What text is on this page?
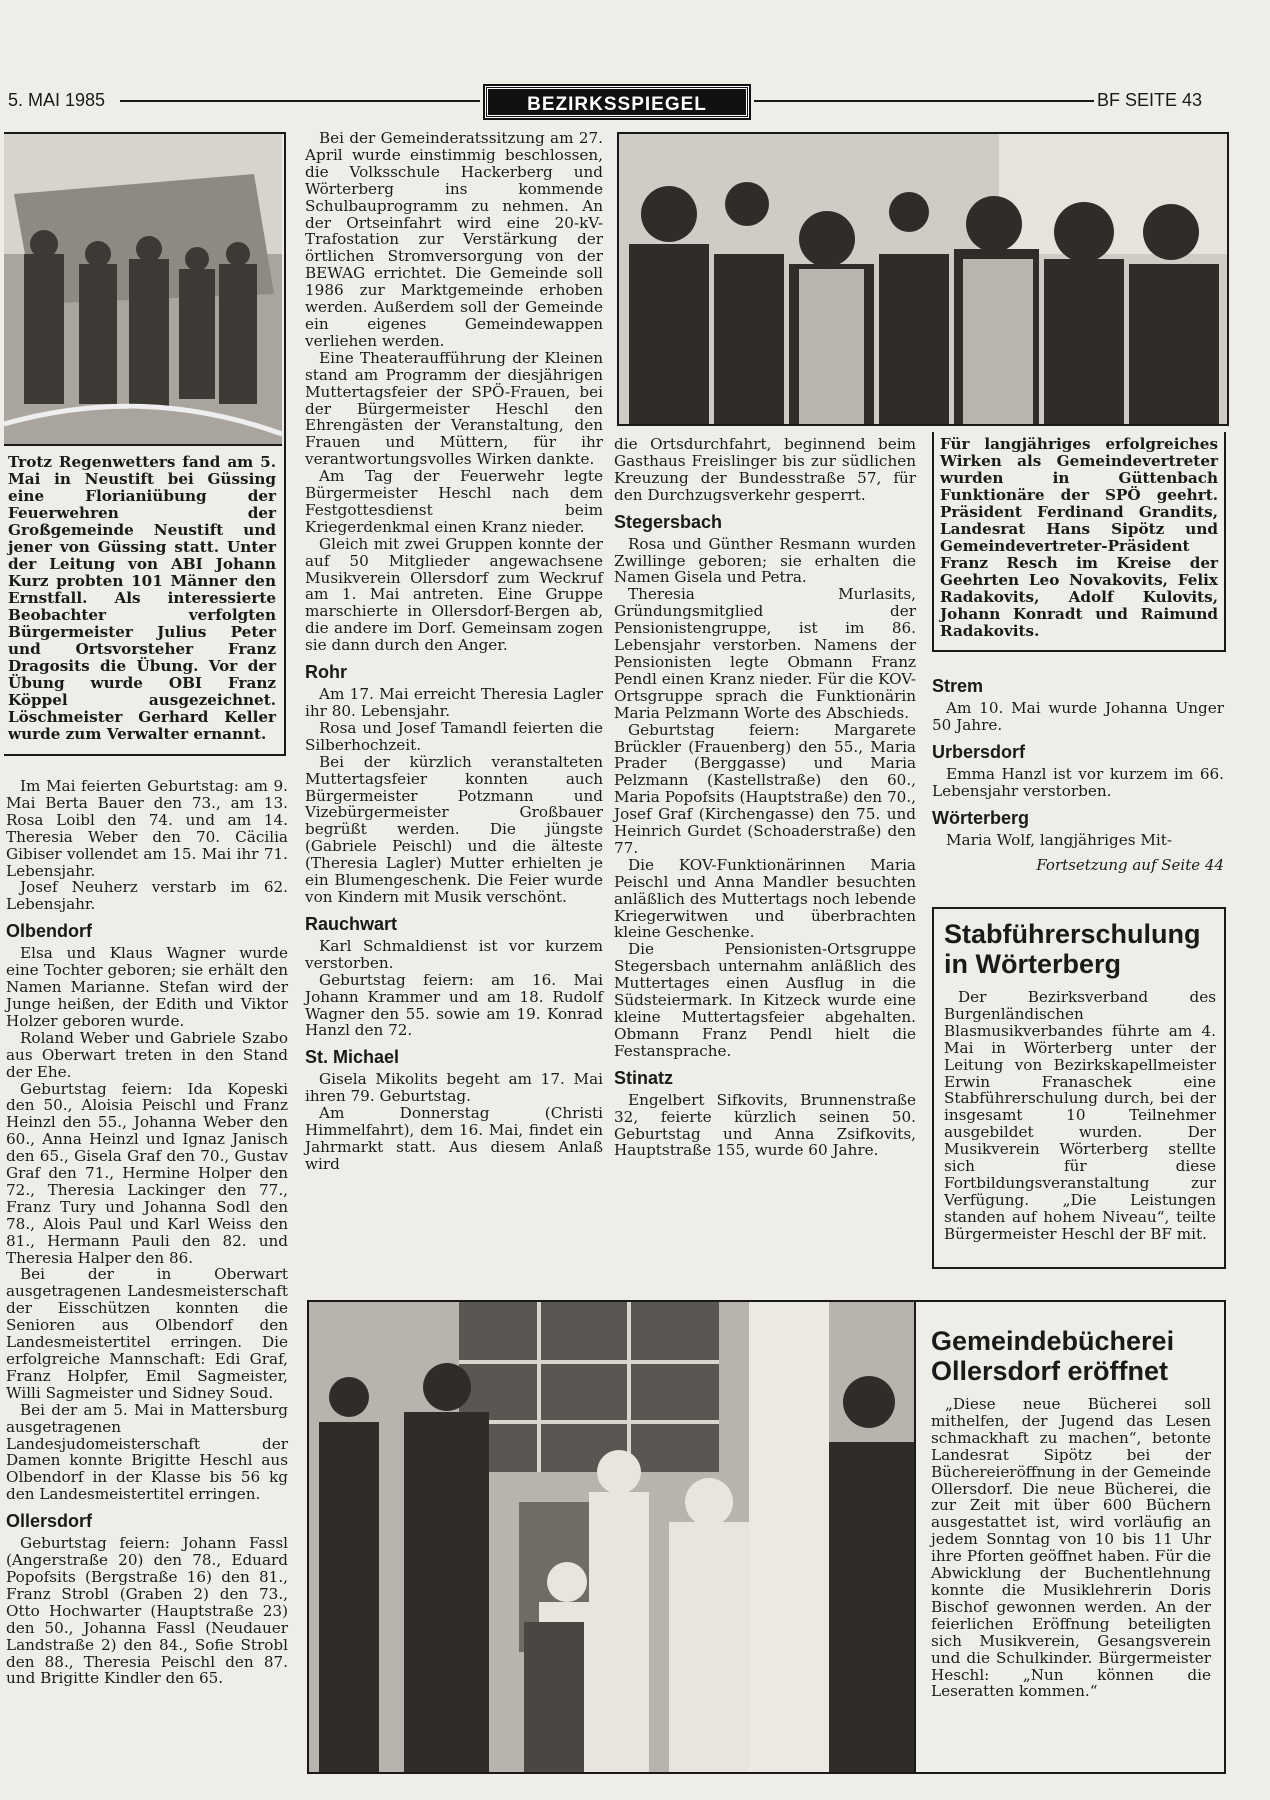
5. MAI 1985	BEZIRKSSPIEGEL	BF SEITE 43
Trotz Regenwetters fand am 5. Mai in Neustift bei Güssing eine Florianiübung der Feuerwehren der Großgemeinde Neustift und jener von Güssing statt. Unter der Leitung von ABI Johann Kurz probten 101 Männer den Ernstfall. Als interessierte Beobachter verfolgten Bürgermeister Julius Peter und Ortsvorsteher Franz Dragosits die Übung. Vor der Übung wurde OBI Franz Köppel ausgezeichnet. Löschmeister Gerhard Keller wurde zum Verwalter ernannt.

Im Mai feierten Geburtstag: am 9. Mai Berta Bauer den 73., am 13. Rosa Loibl den 74. und am 14. Theresia Weber den 70. Cäcilia Gibiser vollendet am 15. Mai ihr 71. Lebensjahr.

Josef Neuherz verstarb im 62. Lebensjahr.

Olbendorf

Elsa und Klaus Wagner wurde eine Tochter geboren; sie erhält den Namen Marianne. Stefan wird der Junge heißen, der Edith und Viktor Holzer geboren wurde.

Roland Weber und Gabriele Szabo aus Oberwart treten in den Stand der Ehe.

Geburtstag feiern: Ida Kopeski den 50., Aloisia Peischl und Franz Heinzl den 55., Johanna Weber den 60., Anna Heinzl und Ignaz Janisch den 65., Gisela Graf den 70., Gustav Graf den 71., Hermine Holper den 72., Theresia Lackinger den 77., Franz Tury und Johanna Sodl den 78., Alois Paul und Karl Weiss den 81., Hermann Pauli den 82. und Theresia Halper den 86.

Bei der in Oberwart ausgetragenen Landesmeisterschaft der Eisschützen konnten die Senioren aus Olbendorf den Landesmeistertitel erringen. Die erfolgreiche Mannschaft: Edi Graf, Franz Holpfer, Emil Sagmeister, Willi Sagmeister und Sidney Soud.

Bei der am 5. Mai in Mattersburg ausgetragenen Landesjudomeisterschaft der Damen konnte Brigitte Heschl aus Olbendorf in der Klasse bis 56 kg den Landesmeistertitel erringen.

Ollersdorf

Geburtstag feiern: Johann Fassl (Angerstraße 20) den 78., Eduard Popofsits (Bergstraße 16) den 81., Franz Strobl (Graben 2) den 73., Otto Hochwarter (Hauptstraße 23) den 50., Johanna Fassl (Neudauer Landstraße 2) den 84., Sofie Strobl den 88., Theresia Peischl den 87. und Brigitte Kindler den 65.

Bei der Gemeinderatssitzung am 27. April wurde einstimmig beschlossen, die Volksschule Hackerberg und Wörterberg ins kommende Schulbauprogramm zu nehmen. An der Ortseinfahrt wird eine 20-kV-Trafostation zur Verstärkung der örtlichen Stromversorgung von der BEWAG errichtet. Die Gemeinde soll 1986 zur Marktgemeinde erhoben werden. Außerdem soll der Gemeinde ein eigenes Gemeindewappen verliehen werden.

Eine Theateraufführung der Kleinen stand am Programm der diesjährigen Muttertagsfeier der SPÖ-Frauen, bei der Bürgermeister Heschl den Ehrengästen der Veranstaltung, den Frauen und Müttern, für ihr verantwortungsvolles Wirken dankte.

Am Tag der Feuerwehr legte Bürgermeister Heschl nach dem Festgottesdienst beim Kriegerdenkmal einen Kranz nieder.

Gleich mit zwei Gruppen konnte der auf 50 Mitglieder angewachsene Musikverein Ollersdorf zum Weckruf am 1. Mai antreten. Eine Gruppe marschierte in Ollersdorf-Bergen ab, die andere im Dorf. Gemeinsam zogen sie dann durch den Anger.

Rohr

Am 17. Mai erreicht Theresia Lagler ihr 80. Lebensjahr.

Rosa und Josef Tamandl feierten die Silberhochzeit.

Bei der kürzlich veranstalteten Muttertagsfeier konnten auch Bürgermeister Potzmann und Vizebürgermeister Großbauer begrüßt werden. Die jüngste (Gabriele Peischl) und die älteste (Theresia Lagler) Mutter erhielten je ein Blumengeschenk. Die Feier wurde von Kindern mit Musik verschönt.

Rauchwart

Karl Schmaldienst ist vor kurzem verstorben.

Geburtstag feiern: am 16. Mai Johann Krammer und am 18. Rudolf Wagner den 55. sowie am 19. Konrad Hanzl den 72.

St. Michael

Gisela Mikolits begeht am 17. Mai ihren 79. Geburtstag.

Am Donnerstag (Christi Himmelfahrt), dem 16. Mai, findet ein Jahrmarkt statt. Aus diesem Anlaß wird

die Ortsdurchfahrt, beginnend beim Gasthaus Freislinger bis zur südlichen Kreuzung der Bundesstraße 57, für den Durchzugsverkehr gesperrt.

Stegersbach

Rosa und Günther Resmann wurden Zwillinge geboren; sie erhalten die Namen Gisela und Petra.

Theresia Murlasits, Gründungsmitglied der Pensionistengruppe, ist im 86. Lebensjahr verstorben. Namens der Pensionisten legte Obmann Franz Pendl einen Kranz nieder. Für die KOV-Ortsgruppe sprach die Funktionärin Maria Pelzmann Worte des Abschieds.

Geburtstag feiern: Margarete Brückler (Frauenberg) den 55., Maria Prader (Berggasse) und Maria Pelzmann (Kastellstraße) den 60., Maria Popofsits (Hauptstraße) den 70., Josef Graf (Kirchengasse) den 75. und Heinrich Gurdet (Schoaderstraße) den 77.

Die KOV-Funktionärinnen Maria Peischl und Anna Mandler besuchten anläßlich des Muttertags noch lebende Kriegerwitwen und überbrachten kleine Geschenke.

Die Pensionisten-Ortsgruppe Stegersbach unternahm anläßlich des Muttertages einen Ausflug in die Südsteiermark. In Kitzeck wurde eine kleine Muttertagsfeier abgehalten. Obmann Franz Pendl hielt die Festansprache.

Stinatz

Engelbert Sifkovits, Brunnenstraße 32, feierte kürzlich seinen 50. Geburtstag und Anna Zsifkovits, Hauptstraße 155, wurde 60 Jahre.

Für langjähriges erfolgreiches Wirken als Gemeindevertreter wurden in Güttenbach Funktionäre der SPÖ geehrt. Präsident Ferdinand Grandits, Landesrat Hans Sipötz und Gemeindevertreter-Präsident Franz Resch im Kreise der Geehrten Leo Novakovits, Felix Radakovits, Adolf Kulovits, Johann Konradt und Raimund Radakovits.
Strem

Am 10. Mai wurde Johanna Unger 50 Jahre.

Urbersdorf

Emma Hanzl ist vor kurzem im 66. Lebensjahr verstorben.

Wörterberg

Maria Wolf, langjähriges Mit-

Fortsetzung auf Seite 44
Stabführerschulung in Wörterberg

Der Bezirksverband des Burgenländischen Blasmusikverbandes führte am 4. Mai in Wörterberg unter der Leitung von Bezirkskapellmeister Erwin Franaschek eine Stabführerschulung durch, bei der insgesamt 10 Teilnehmer ausgebildet wurden. Der Musikverein Wörterberg stellte sich für diese Fortbildungsveranstaltung zur Verfügung. „Die Leistungen standen auf hohem Niveau“, teilte Bürgermeister Heschl der BF mit.

Gemeindebücherei Ollersdorf eröffnet

„Diese neue Bücherei soll mithelfen, der Jugend das Lesen schmackhaft zu machen“, betonte Landesrat Sipötz bei der Büchereieröffnung in der Gemeinde Ollersdorf. Die neue Bücherei, die zur Zeit mit über 600 Büchern ausgestattet ist, wird vorläufig an jedem Sonntag von 10 bis 11 Uhr ihre Pforten geöffnet haben. Für die Abwicklung der Buchentlehnung konnte die Musiklehrerin Doris Bischof gewonnen werden. An der feierlichen Eröffnung beteiligten sich Musikverein, Gesangsverein und die Schulkinder. Bürgermeister Heschl: „Nun können die Leseratten kommen.“
